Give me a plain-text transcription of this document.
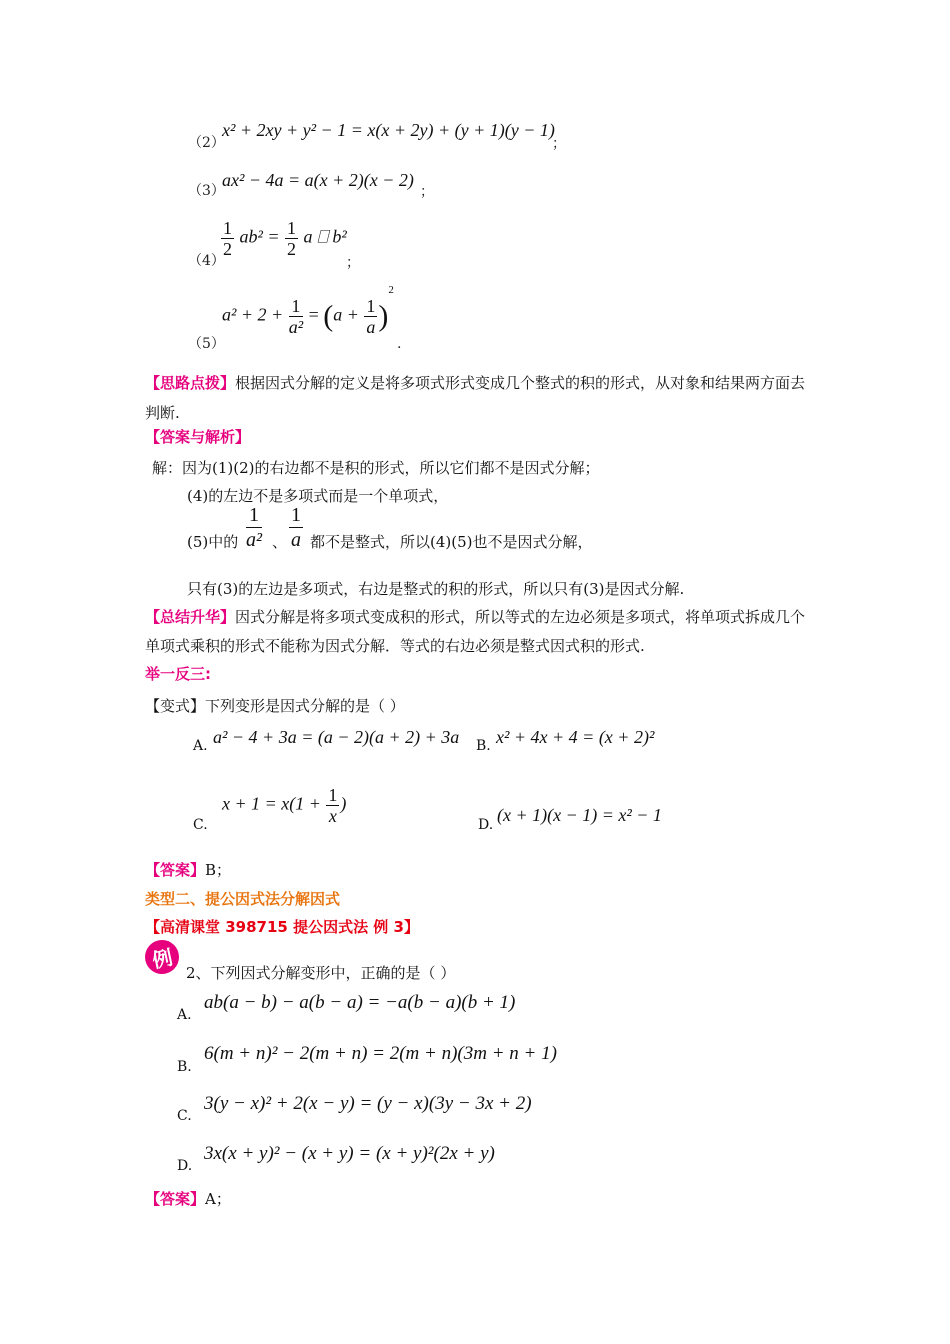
（2）
x² + 2xy + y² − 1 = x(x + 2y) + (y + 1)(y − 1)
；
（3）
ax² − 4a = a(x + 2)(x − 2)
；
（4）
$\frac{1}{2} ab^2 = \frac{1}{2}$ a ⎕ b²
；
（5）
$a^2 + 2 + \frac{1}{\text{a²}} = (a + \frac{1}{a} )^2$
.
【思路点拨】根据因式分解的定义是将多项式形式变成几个整式的积的形式，从对象和结果两方面去判断.
【答案与解析】
解：因为(1)(2)的右边都不是积的形式，所以它们都不是因式分解；
(4)的左边不是多项式而是一个单项式，
(5)中的 $\frac{1}{\text{a²}}$ 、 $\frac{1}{a}$ 都不是整式，所以(4)(5)也不是因式分解，
只有(3)的左边是多项式，右边是整式的积的形式，所以只有(3)是因式分解.
【总结升华】因式分解是将多项式变成积的形式，所以等式的左边必须是多项式，将单项式拆成几个单项式乘积的形式不能称为因式分解．等式的右边必须是整式因式积的形式.
举一反三:
【变式】下列变形是因式分解的是（ ）
A. a² − 4 + 3a = (a − 2)(a + 2) + 3a B. x² + 4x + 4 = (x + 2)²
C.
$x + 1 = x(1 + \frac{1}{x}$ )
D. (x + 1)(x − 1) = x² − 1
【答案】B；
类型二、提公因式法分解因式
【高清课堂 398715 提公因式法 例 3】
例
2、下列因式分解变形中，正确的是（ ）
A.
ab(a − b) − a(b − a) = −a(b − a)(b + 1)
B.
6(m + n)² − 2(m + n) = 2(m + n)(3m + n + 1)
C.
3(y − x)² + 2(x − y) = (y − x)(3y − 3x + 2)
D.
3x(x + y)² − (x + y) = (x + y)²(2x + y)
【答案】A；
